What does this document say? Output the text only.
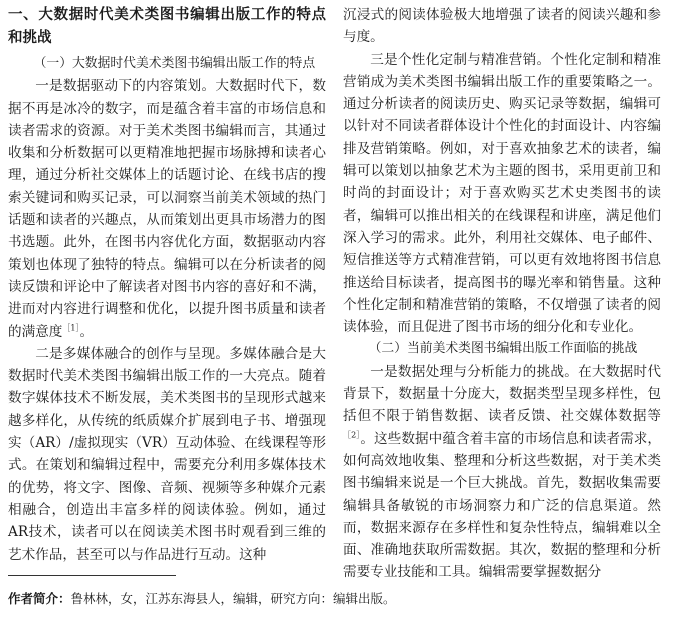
一、大数据时代美术类图书编辑出版工作的特点和挑战

（一）大数据时代美术类图书编辑出版工作的特点

一是数据驱动下的内容策划。大数据时代下，数据不再是冰冷的数字，而是蕴含着丰富的市场信息和读者需求的资源。对于美术类图书编辑而言，其通过收集和分析数据可以更精准地把握市场脉搏和读者心理，通过分析社交媒体上的话题讨论、在线书店的搜索关键词和购买记录，可以洞察当前美术领域的热门话题和读者的兴趣点，从而策划出更具市场潜力的图书选题。此外，在图书内容优化方面，数据驱动内容策划也体现了独特的特点。编辑可以在分析读者的阅读反馈和评论中了解读者对图书内容的喜好和不满，进而对内容进行调整和优化，以提升图书质量和读者的满意度$^{[1]}$。

二是多媒体融合的创作与呈现。多媒体融合是大数据时代美术类图书编辑出版工作的一大亮点。随着数字媒体技术不断发展，美术类图书的呈现形式越来越多样化，从传统的纸质媒介扩展到电子书、增强现实（AR）/虚拟现实（VR）互动体验、在线课程等形式。在策划和编辑过程中，需要充分利用多媒体技术的优势，将文字、图像、音频、视频等多种媒介元素相融合，创造出丰富多样的阅读体验。例如，通过AR技术，读者可以在阅读美术图书时观看到三维的艺术作品，甚至可以与作品进行互动。这种

沉浸式的阅读体验极大地增强了读者的阅读兴趣和参与度。

三是个性化定制与精准营销。个性化定制和精准营销成为美术类图书编辑出版工作的重要策略之一。通过分析读者的阅读历史、购买记录等数据，编辑可以针对不同读者群体设计个性化的封面设计、内容编排及营销策略。例如，对于喜欢抽象艺术的读者，编辑可以策划以抽象艺术为主题的图书，采用更前卫和时尚的封面设计；对于喜欢购买艺术史类图书的读者，编辑可以推出相关的在线课程和讲座，满足他们深入学习的需求。此外，利用社交媒体、电子邮件、短信推送等方式精准营销，可以更有效地将图书信息推送给目标读者，提高图书的曝光率和销售量。这种个性化定制和精准营销的策略，不仅增强了读者的阅读体验，而且促进了图书市场的细分化和专业化。

（二）当前美术类图书编辑出版工作面临的挑战

一是数据处理与分析能力的挑战。在大数据时代背景下，数据量十分庞大，数据类型呈现多样性，包括但不限于销售数据、读者反馈、社交媒体数据等$^{[2]}$。这些数据中蕴含着丰富的市场信息和读者需求，如何高效地收集、整理和分析这些数据，对于美术类图书编辑来说是一个巨大挑战。首先，数据收集需要编辑具备敏锐的市场洞察力和广泛的信息渠道。然而，数据来源存在多样性和复杂性特点，编辑难以全面、准确地获取所需数据。其次，数据的整理和分析需要专业技能和工具。编辑需要掌握数据分

作者简介：鲁林林，女，江苏东海县人，编辑，研究方向：编辑出版。
